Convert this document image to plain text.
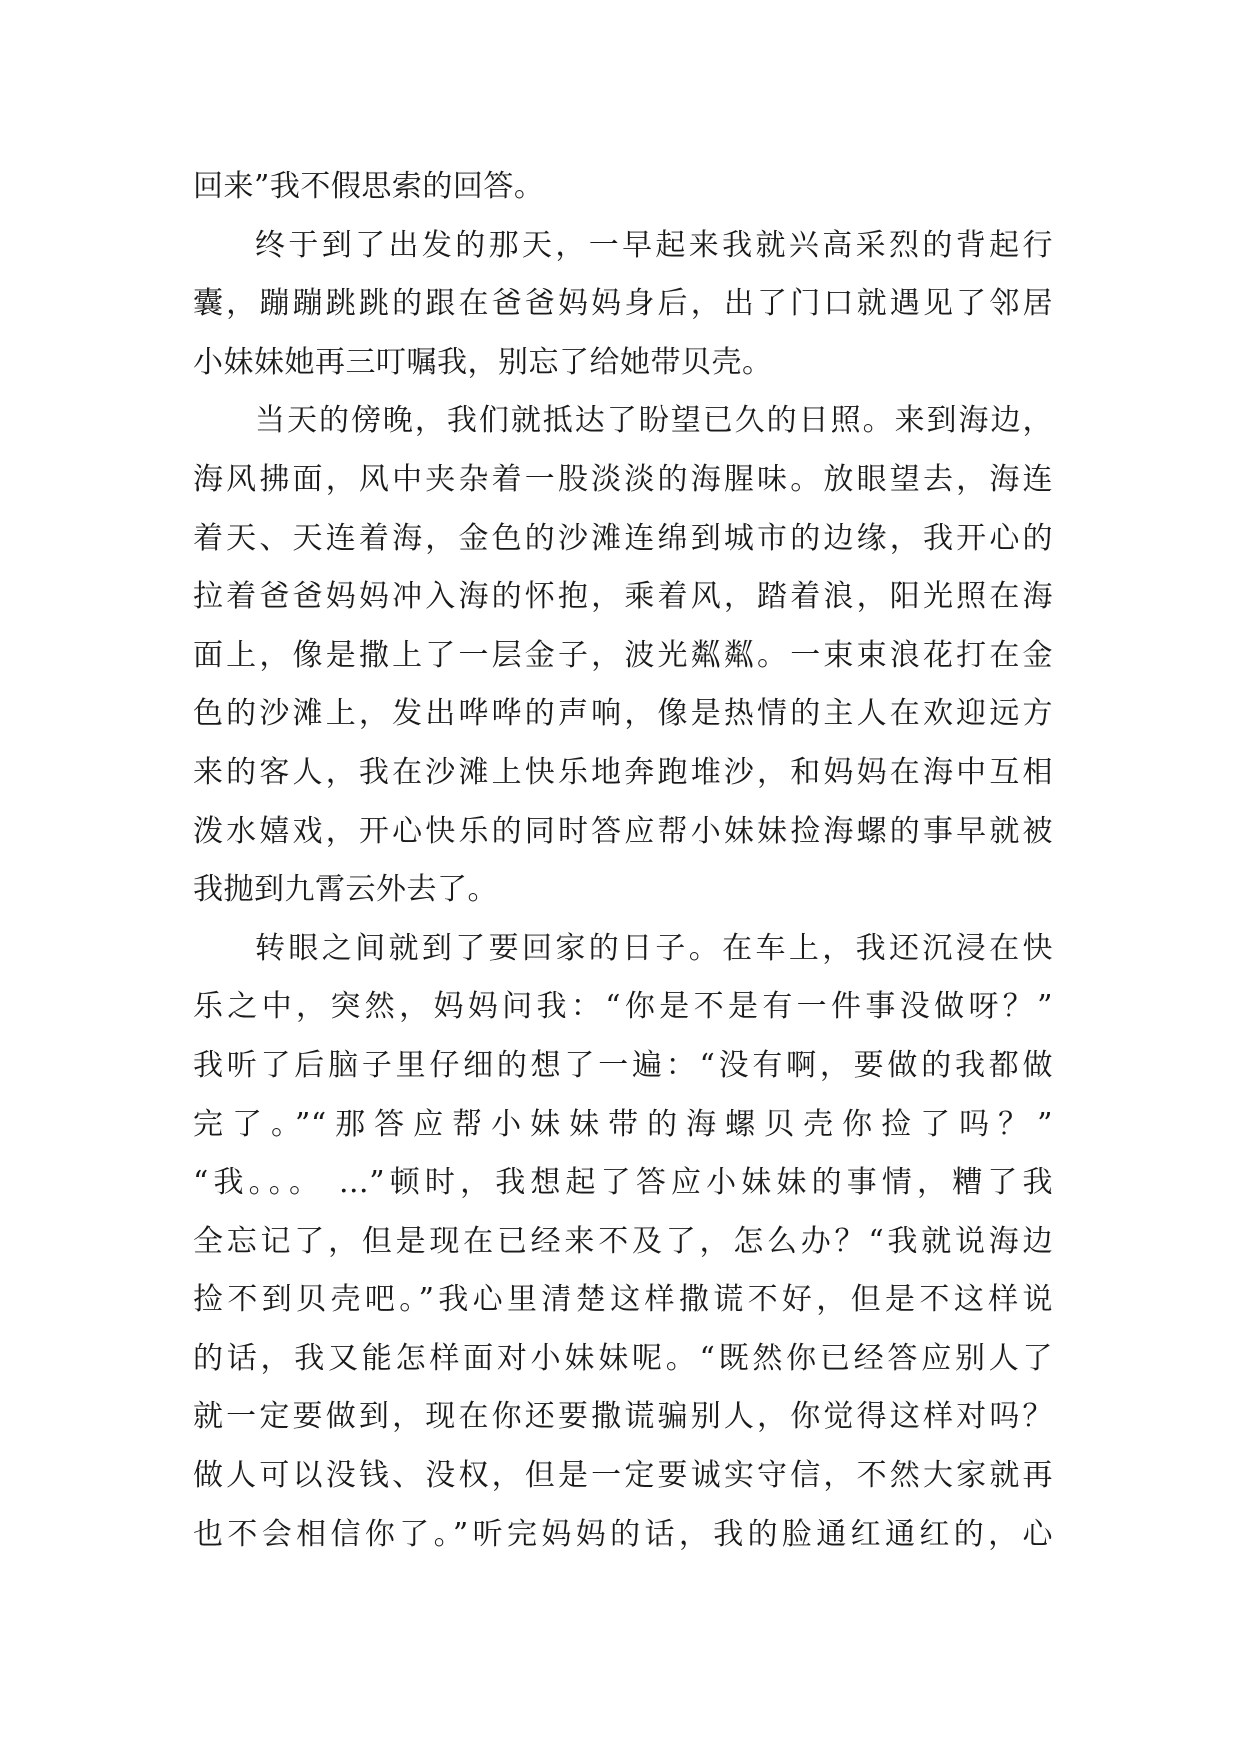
回来”我不假思索的回答。
终于到了出发的那天，一早起来我就兴高采烈的背起行
囊，蹦蹦跳跳的跟在爸爸妈妈身后，出了门口就遇见了邻居
小妹妹她再三叮嘱我，别忘了给她带贝壳。
当天的傍晚，我们就抵达了盼望已久的日照。来到海边，
海风拂面，风中夹杂着一股淡淡的海腥味。放眼望去，海连
着天、天连着海，金色的沙滩连绵到城市的边缘，我开心的
拉着爸爸妈妈冲入海的怀抱，乘着风，踏着浪，阳光照在海
面上，像是撒上了一层金子，波光粼粼。一束束浪花打在金
色的沙滩上，发出哗哗的声响，像是热情的主人在欢迎远方
来的客人，我在沙滩上快乐地奔跑堆沙，和妈妈在海中互相
泼水嬉戏，开心快乐的同时答应帮小妹妹捡海螺的事早就被
我抛到九霄云外去了。
转眼之间就到了要回家的日子。在车上，我还沉浸在快
乐之中，突然，妈妈问我：“你是不是有一件事没做呀？”
我听了后脑子里仔细的想了一遍：“没有啊，要做的我都做
完了。”“那答应帮小妹妹带的海螺贝壳你捡了吗？”
“我。。。 …”顿时，我想起了答应小妹妹的事情，糟了我
全忘记了，但是现在已经来不及了，怎么办？“我就说海边
捡不到贝壳吧。”我心里清楚这样撒谎不好，但是不这样说
的话，我又能怎样面对小妹妹呢。“既然你已经答应别人了
就一定要做到，现在你还要撒谎骗别人，你觉得这样对吗？
做人可以没钱、没权，但是一定要诚实守信，不然大家就再
也不会相信你了。”听完妈妈的话，我的脸通红通红的，心
